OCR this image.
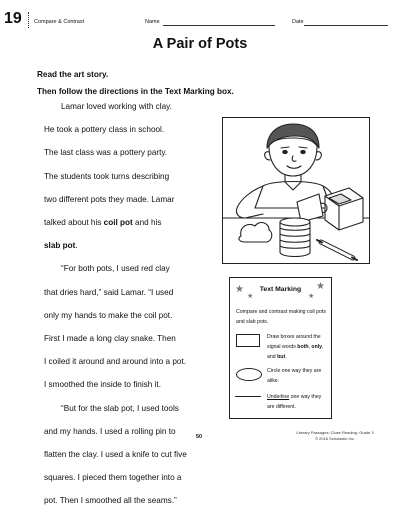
19 Compare & Contrast	Name	Date
A Pair of Pots
Read the art story.
Then follow the directions in the Text Marking box.

Lamar loved working with clay.

He took a pottery class in school.

The last class was a pottery party.

The students took turns describing

two different pots they made. Lamar

talked about his coil pot and his

slab pot.

“For both pots, I used red clay

that dries hard,” said Lamar. “I used

only my hands to make the coil pot.

First I made a long clay snake. Then

I coiled it around and around into a pot.

I smoothed the inside to finish it.

“But for the slab pot, I used tools

and my hands. I used a rolling pin to

flatten the clay. I used a knife to cut five

squares. I pieced them together into a

pot. Then I smoothed all the seams.”

★
★
★
★
Text Marking
Compare and contrast making coil pots and slab pots.
Draw boxes around the signal words both, only, and but.
Circle one way they are alike.
Underline one way they are different.
50
Literary Passages: Close Reading: Grade 3
© 2016 Scholastic Inc.
